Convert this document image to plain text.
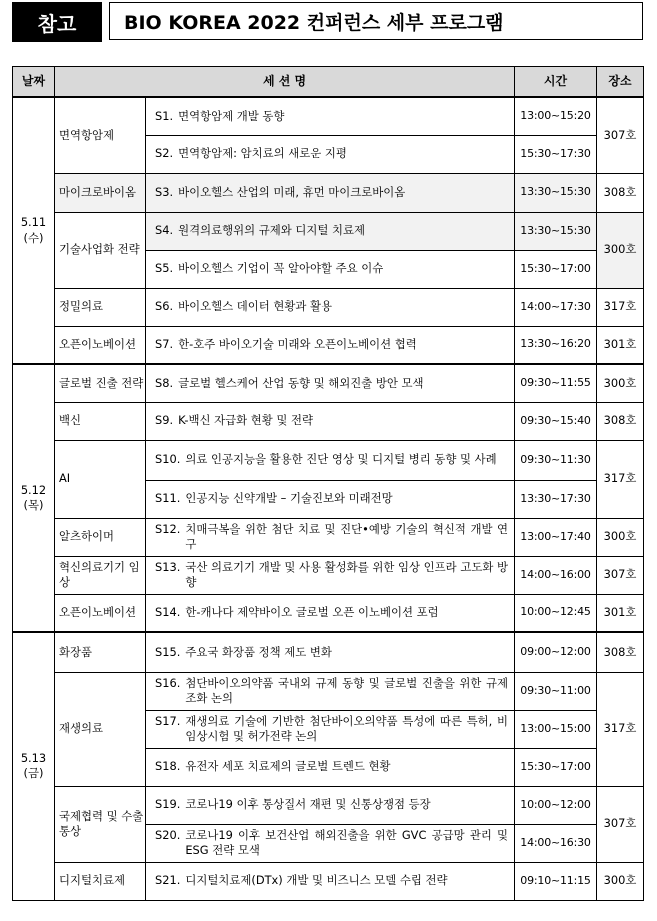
참고	BIO KOREA 2022 컨퍼런스 세부 프로그램
날짜	세 션 명		시간	장소
5.11
(수)	면역항암제	S1. 면역항암제 개발 동향	13:00~15:20	307호

		S2. 면역항암제: 암치료의 새로운 지평	15:30~17:30	
	마이크로바이옴	S3. 바이오헬스 산업의 미래, 휴먼 마이크로바이옴	13:30~15:30	308호
	기술사업화 전략	S4. 원격의료행위의 규제와 디지털 치료제	13:30~15:30	300호

		S5. 바이오헬스 기업이 꼭 알아야할 주요 이슈	15:30~17:00	
	정밀의료	S6. 바이오헬스 데이터 현황과 활용	14:00~17:30	317호
	오픈이노베이션	S7. 한-호주 바이오기술 미래와 오픈이노베이션 협력	13:30~16:20	301호
5.12
(목)	글로벌 진출 전략	S8. 글로벌 헬스케어 산업 동향 및 해외진출 방안 모색	09:30~11:55	300호
	백신	S9. K-백신 자급화 현황 및 전략	09:30~15:40	308호
	AI	S10. 의료 인공지능을 활용한 진단 영상 및 디지털 병리 동향 및 사례	09:30~11:30	317호

		S11. 인공지능 신약개발 – 기술진보와 미래전망	13:30~17:30	
	알츠하이머	S12. 치매극복을 위한 첨단 치료 및 진단•예방 기술의 혁신적 개발 연구	13:00~17:40	300호
	혁신의료기기 임상	S13. 국산 의료기기 개발 및 사용 활성화를 위한 임상 인프라 고도화 방향	14:00~16:00	307호
	오픈이노베이션	S14. 한-캐나다 제약바이오 글로벌 오픈 이노베이션 포럼	10:00~12:45	301호
5.13
(금)	화장품	S15. 주요국 화장품 정책 제도 변화	09:00~12:00	308호
	재생의료	S16. 첨단바이오의약품 국내외 규제 동향 및 글로벌 진출을 위한 규제조화 논의	09:30~11:00	317호

		S17. 재생의료 기술에 기반한 첨단바이오의약품 특성에 따른 특허, 비임상시험 및 허가전략 논의	13:00~15:00	

		S18. 유전자 세포 치료제의 글로벌 트렌드 현황	15:30~17:00	
	국제협력 및 수출통상	S19. 코로나19 이후 통상질서 재편 및 신통상쟁점 등장	10:00~12:00	307호

		S20. 코로나19 이후 보건산업 해외진출을 위한 GVC 공급망 관리 및 ESG 전략 모색	14:00~16:30	
	디지털치료제	S21. 디지털치료제(DTx) 개발 및 비즈니스 모델 수립 전략	09:10~11:15	300호
